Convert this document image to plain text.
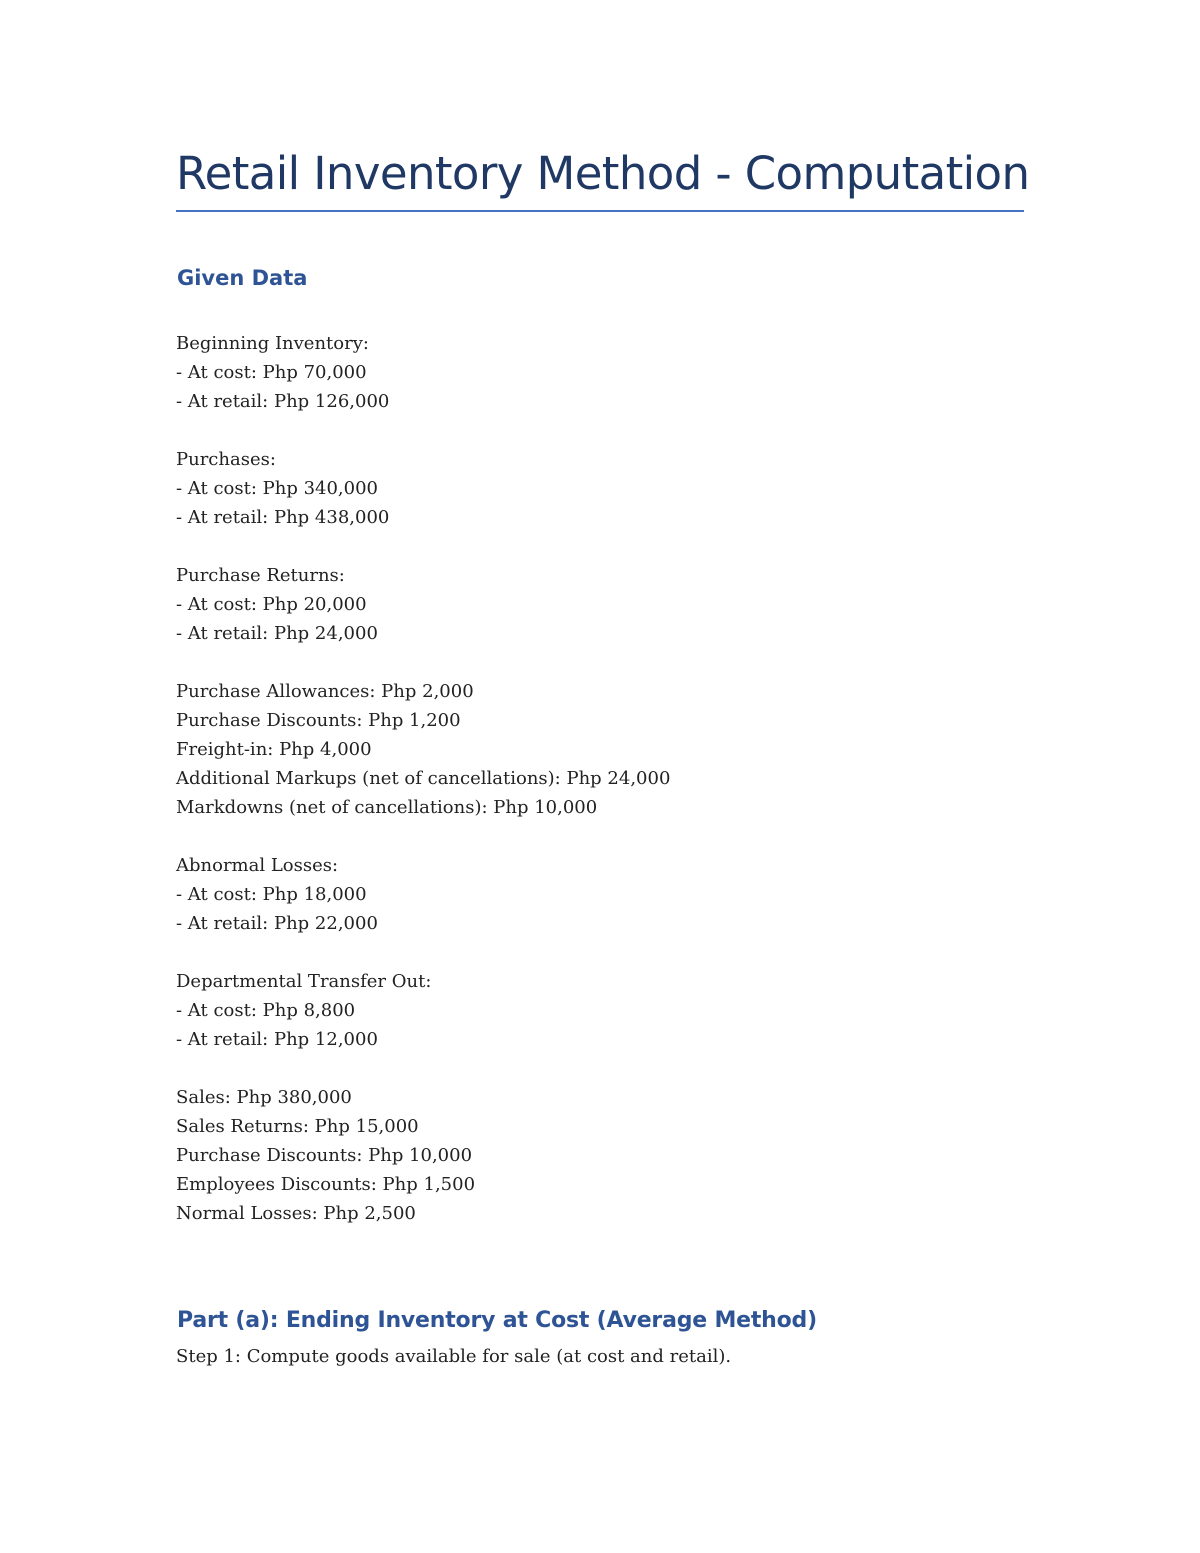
Retail Inventory Method - Computation
Given Data
Beginning Inventory:
- At cost: Php 70,000
- At retail: Php 126,000
Purchases:
- At cost: Php 340,000
- At retail: Php 438,000
Purchase Returns:
- At cost: Php 20,000
- At retail: Php 24,000
Purchase Allowances: Php 2,000
Purchase Discounts: Php 1,200
Freight-in: Php 4,000
Additional Markups (net of cancellations): Php 24,000
Markdowns (net of cancellations): Php 10,000
Abnormal Losses:
- At cost: Php 18,000
- At retail: Php 22,000
Departmental Transfer Out:
- At cost: Php 8,800
- At retail: Php 12,000
Sales: Php 380,000
Sales Returns: Php 15,000
Purchase Discounts: Php 10,000
Employees Discounts: Php 1,500
Normal Losses: Php 2,500
Part (a): Ending Inventory at Cost (Average Method)
Step 1: Compute goods available for sale (at cost and retail).
